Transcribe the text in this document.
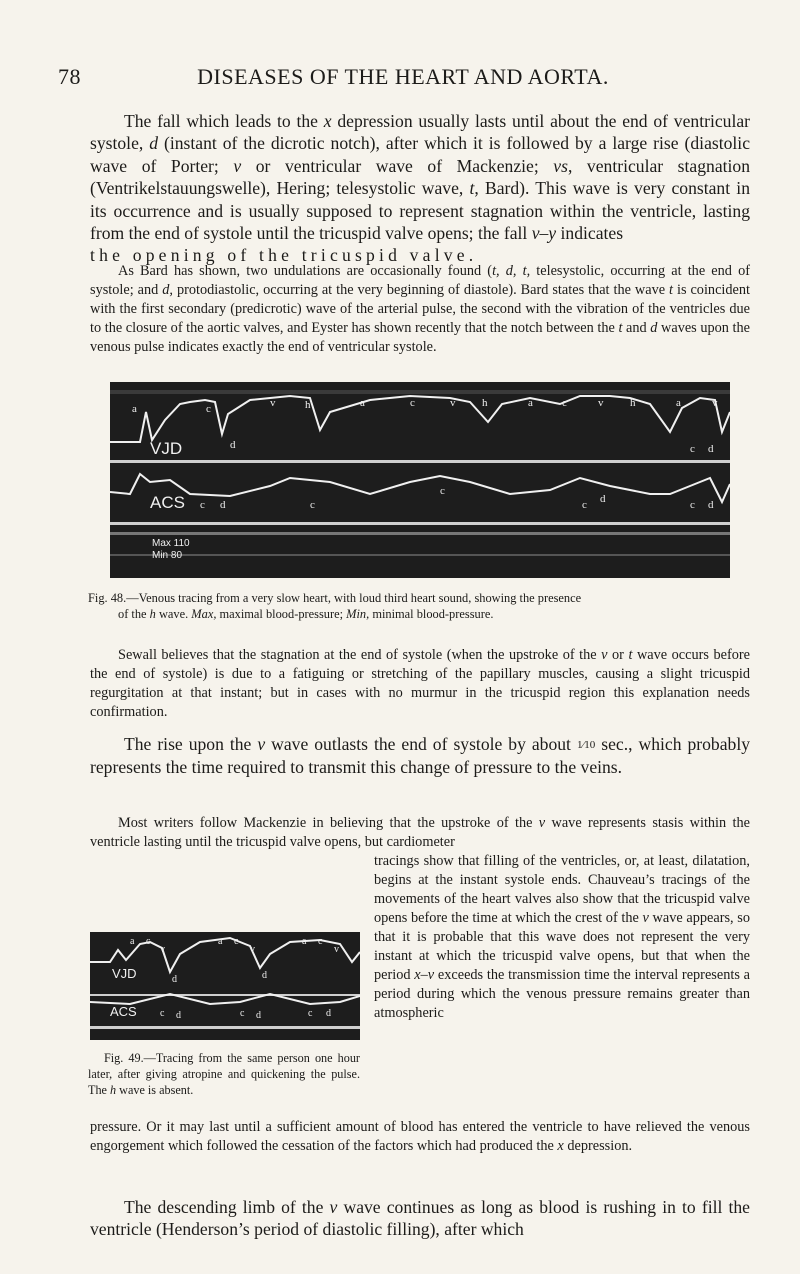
78	DISEASES OF THE HEART AND AORTA.

The fall which leads to the x depression usually lasts until about the end of ventricular systole, d (instant of the dicrotic notch), after which it is followed by a large rise (diastolic wave of Porter; v or ventricular wave of Mackenzie; vs, ventricular stagnation (Ventrikelstauungswelle), Hering; telesystolic wave, t, Bard). This wave is very constant in its occurrence and is usually supposed to represent stagnation within the ventricle, lasting from the end of systole until the tricuspid valve opens; the fall v–y indicates
the opening of the tricuspid valve.

As Bard has shown, two undulations are occasionally found (t, d, t, telesystolic, occurring at the end of systole; and d, protodiastolic, occurring at the very beginning of diastole). Bard states that the wave t is coincident with the first secondary (predicrotic) wave of the arterial pulse, the second with the vibration of the ventricles due to the closure of the aortic valves, and Eyster has shown recently that the notch between the t and d waves upon the venous pulse indicates exactly the end of ventricular systole.

VJD
ACS
Max 110
Min 80
a	c
d
v	h	a	c	v h	a	c	v h	a
c d
v
c d	c
c
c d	c d

Fig. 48.—Venous tracing from a very slow heart, with loud third heart sound, showing the presence
of the h wave. Max, maximal blood-pressure; Min, minimal blood-pressure.

Sewall believes that the stagnation at the end of systole (when the upstroke of the v or t wave occurs before the end of systole) is due to a fatiguing or stretching of the papillary muscles, causing a slight tricuspid regurgitation at that instant; but in cases with no murmur in the tricuspid region this explanation needs confirmation.

The rise upon the v wave outlasts the end of systole by about 1⁄10 sec., which probably represents the time required to transmit this change of pressure to the veins.

Most writers follow Mackenzie in believing that the upstroke of the v wave represents stasis within the ventricle lasting until the tricuspid valve opens, but cardiometer

VJD
ACS
a c
v
d
a c
v
d
a c
v
c d	c d	c d

Fig. 49.—Tracing from the same person one hour later, after giving atropine and quickening the pulse. The h wave is absent.

tracings show that filling of the ventricles, or, at least, dilatation, begins at the instant systole ends. Chauveau’s tracings of the movements of the heart valves also show that the tricuspid valve opens before the time at which the crest of the v wave appears, so that it is probable that this wave does not represent the very instant at which the tricuspid valve opens, but that when the period x–v exceeds the transmission time the interval represents a period during which the venous pressure remains greater than atmospheric

pressure. Or it may last until a sufficient amount of blood has entered the ventricle to have relieved the venous engorgement which followed the cessation of the factors which had produced the x depression.

The descending limb of the v wave continues as long as blood is rushing in to fill the ventricle (Henderson’s period of diastolic filling), after which
